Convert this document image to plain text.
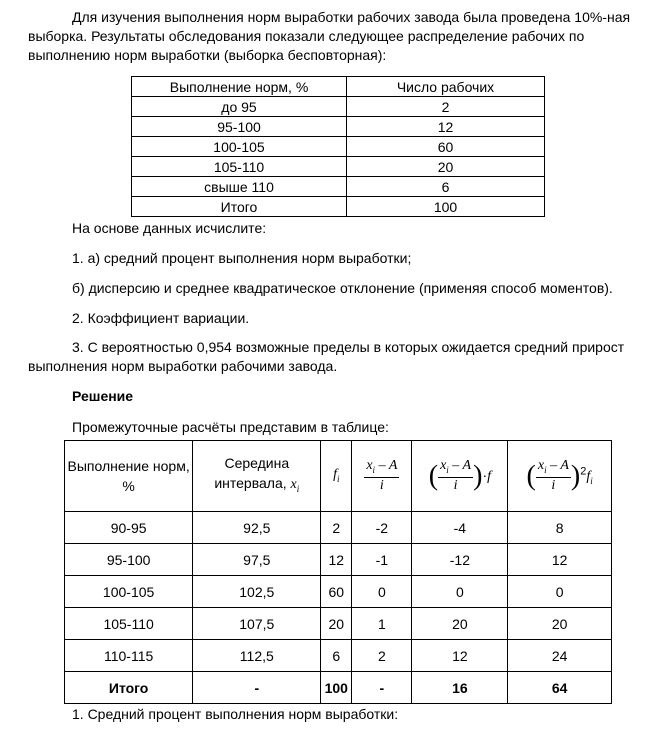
Для изучения выполнения норм выработки рабочих завода была проведена 10%-ная выборка. Результаты обследования показали следующее распределение рабочих по выполнению норм выработки (выборка бесповторная):

Выполнение норм, %	Число рабочих
до 95	2
95-100	12
100-105	60
105-110	20
свыше 110	6
Итого	100

На основе данных исчислите:

1. а) средний процент выполнения норм выработки;

б) дисперсию и среднее квадратическое отклонение (применяя способ моментов).

2. Коэффициент вариации.

3. С вероятностью 0,954 возможные пределы в которых ожидается средний прирост выполнения норм выработки рабочими завода.

Решение

Промежуточные расчёты представим в таблице:

Выполнение норм, %	Середина интервала, $x_i$	$f_i$	$\frac{x_i - A}{i}$	( $\frac{x_i - A}{i} )\cdot f$	( $\frac{x_i - A}{i} )^2f_i$
90-95	92,5	2	-2	-4	8
95-100	97,5	12	-1	-12	12
100-105	102,5	60	0	0	0
105-110	107,5	20	1	20	20
110-115	112,5	6	2	12	24
Итого	-	100	-	16	64

1. Средний процент выполнения норм выработки:
